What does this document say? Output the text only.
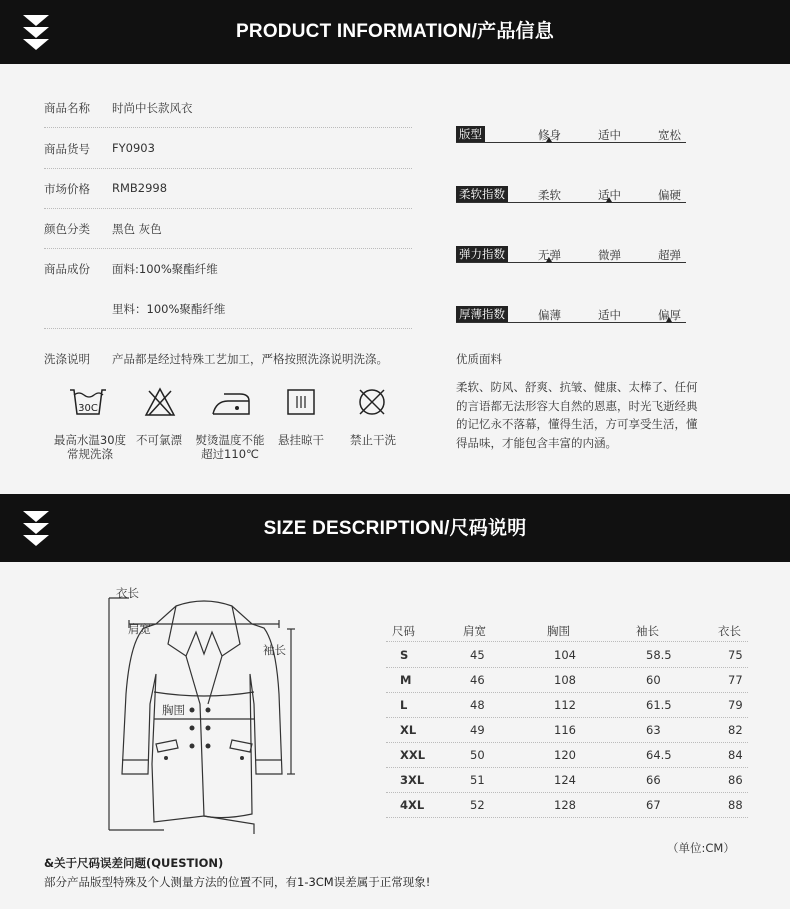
PRODUCT INFORMATION/产品信息
商品名称 时尚中长款风衣
商品货号 FY0903
市场价格 RMB2998
颜色分类 黑色 灰色
商品成份 面料:100%聚酯纤维
里料：100%聚酯纤维
洗涤说明 产品都是经过特殊工艺加工，严格按照洗涤说明洗涤。
30C
最高水温30度
常规洗涤
不可氯漂	熨烫温度不能
超过110℃
悬挂晾干	禁止干洗
版型	修身	适中	宽松
柔软指数	柔软	适中	偏硬
弹力指数	无弹	微弹	超弹
厚薄指数	偏薄	适中	偏厚
优质面料
柔软、防风、舒爽、抗皱、健康、太棒了、任何的言语都无法形容大自然的恩惠，时光飞逝经典的记忆永不落幕，懂得生活，方可享受生活，懂得品味，才能包含丰富的内涵。
SIZE DESCRIPTION/尺码说明
衣长
肩宽
袖长
胸围
尺码	肩宽	胸围	袖长	衣长
S	45	104	58.5	75
M	46	108	60	77
L	48	112	61.5	79
XL	49	116	63	82
XXL	50	120	64.5	84
3XL	51	124	66	86
4XL	52	128	67	88
（单位:CM）
&关于尺码误差问题(QUESTION)
部分产品版型特殊及个人测量方法的位置不同，有1-3CM误差属于正常现象!
